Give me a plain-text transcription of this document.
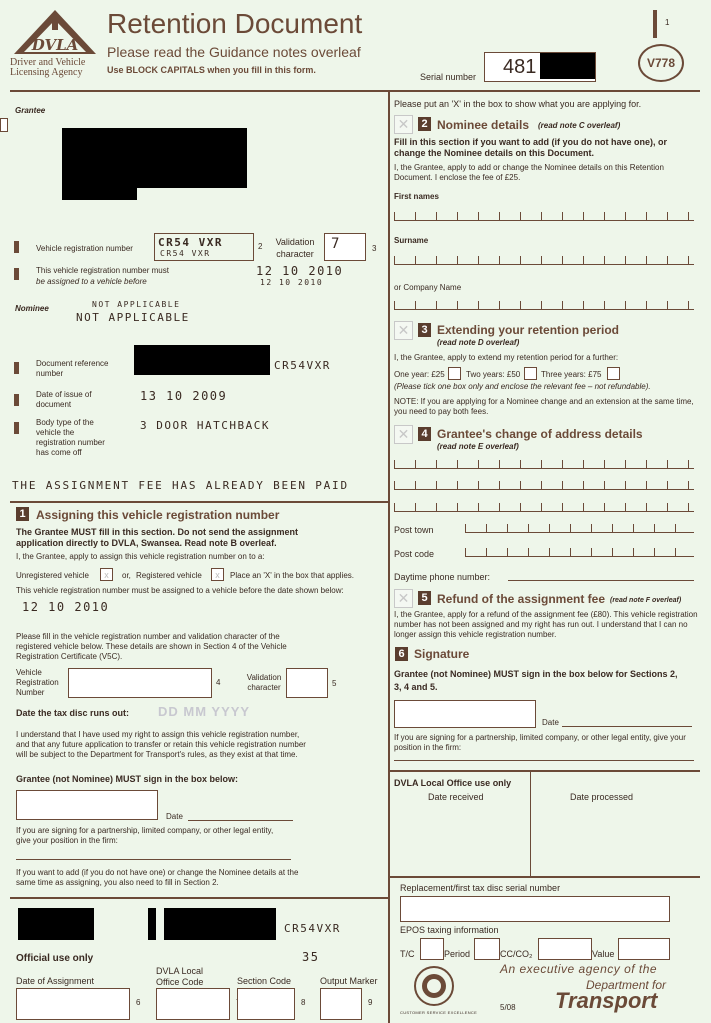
DVLA
Driver and Vehicle
Licensing Agency
Retention Document
Please read the Guidance notes overleaf
Use BLOCK CAPITALS when you fill in this form.
Serial number 481
1
V778
Grantee
Vehicle registration number CR54 VXR
CR54 VXR
2	Validation character
7	3
This vehicle registration number must
be assigned to a vehicle before
12 10 2010
12 10 2010
Nominee	NOT APPLICABLE
NOT APPLICABLE
Document reference number
CR54VXR
Date of issue of document
13 10 2009
Body type of the vehicle the registration number has come off
3 DOOR HATCHBACK
THE ASSIGNMENT FEE HAS ALREADY BEEN PAID
1 Assigning this vehicle registration number
The Grantee MUST fill in this section. Do not send the assignment application directly to DVLA, Swansea. Read note B overleaf.
I, the Grantee, apply to assign this vehicle registration number on to a:
Unregistered vehicle	x	or, Registered vehicle	x	Place an 'X' in the box that applies.
This vehicle registration number must be assigned to a vehicle before the date shown below:
12 10 2010
Please fill in the vehicle registration number and validation character of the registered vehicle below. These details are shown in Section 4 of the Vehicle Registration Certificate (V5C).
Vehicle Registration Number
4
Validation character	5
Date the tax disc runs out: DD MM YYYY
I understand that I have used my right to assign this vehicle registration number, and that any future application to transfer or retain this vehicle registration number will be subject to the Department for Transport's rules, as they exist at that time.
Grantee (not Nominee) MUST sign in the box below:
Date
If you are signing for a partnership, limited company, or other legal entity, give your position in the firm:
If you want to add (if you do not have one) or change the Nominee details at the same time as assigning, you also need to fill in Section 2.
CR54VXR
Official use only	35
Date of Assignment
6
DVLA Local Office Code	Section Code
8
Output Marker
9
Please put an 'X' in the box to show what you are applying for.
✕	2 Nominee details (read note C overleaf)
Fill in this section if you want to add (if you do not have one), or change the Nominee details on this Document.
I, the Grantee, apply to add or change the Nominee details on this Retention Document. I enclose the fee of £25.
First names
Surname
or Company Name
✕	3 Extending your retention period
(read note D overleaf)
I, the Grantee, apply to extend my retention period for a further:
One year: £25	Two years: £50	Three years: £75
(Please tick one box only and enclose the relevant fee – not refundable).
NOTE: If you are applying for a Nominee change and an extension at the same time, you need to pay both fees.
✕	4 Grantee's change of address details
(read note E overleaf)
Post town
Post code
Daytime phone number:
✕	5 Refund of the assignment fee (read note F overleaf)
I, the Grantee, apply for a refund of the assignment fee (£80). This vehicle registration number has not been assigned and my right has run out. I understand that I can no longer assign this vehicle registration number.
6 Signature
Grantee (not Nominee) MUST sign in the box below for Sections 2, 3, 4 and 5.
Date
If you are signing for a partnership, limited company, or other legal entity, give your position in the firm:
DVLA Local Office use only
Date received	Date processed
Replacement/first tax disc serial number
EPOS taxing information
T/C	Period	CC/CO₂	Value
CUSTOMER SERVICE EXCELLENCE
5/08
An executive agency of the
Department for
Transport
